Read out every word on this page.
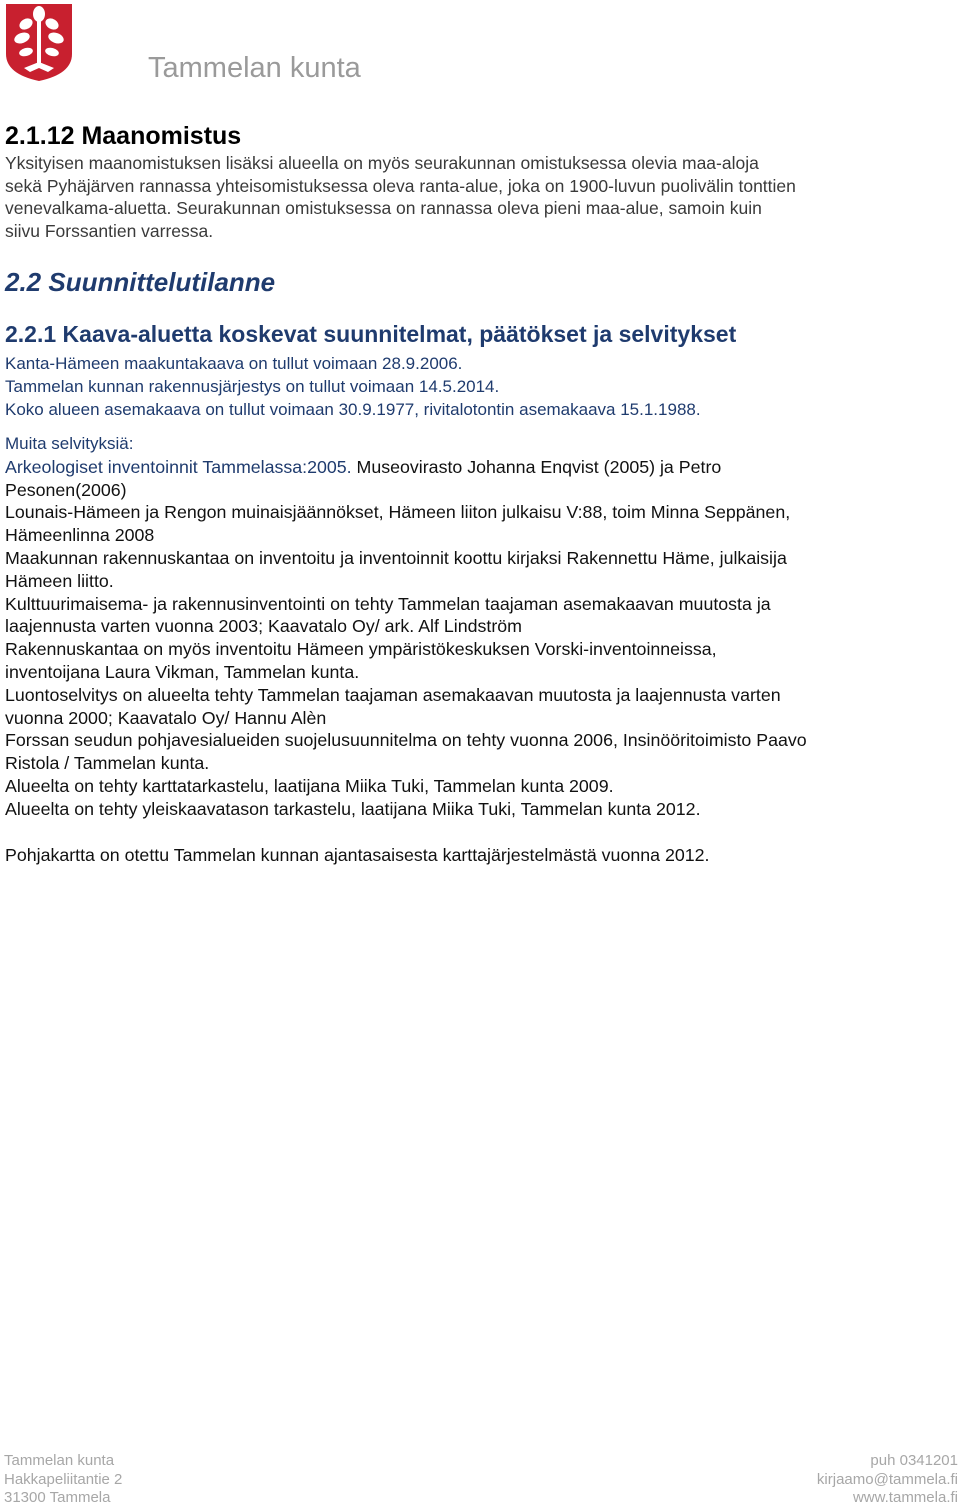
Tammelan kunta
2.1.12 Maanomistus

Yksityisen maanomistuksen lisäksi alueella on myös seurakunnan omistuksessa olevia maa-aloja
sekä Pyhäjärven rannassa yhteisomistuksessa oleva ranta-alue, joka on 1900-luvun puolivälin tonttien
venevalkama-aluetta. Seurakunnan omistuksessa on rannassa oleva pieni maa-alue, samoin kuin
siivu Forssantien varressa.

2.2 Suunnittelutilanne
2.2.1 Kaava-aluetta koskevat suunnitelmat, päätökset ja selvitykset

Kanta-Hämeen maakuntakaava on tullut voimaan 28.9.2006.
Tammelan kunnan rakennusjärjestys on tullut voimaan 14.5.2014.
Koko alueen asemakaava on tullut voimaan 30.9.1977, rivitalotontin asemakaava 15.1.1988.

Muita selvityksiä:

Arkeologiset inventoinnit Tammelassa:2005. Museovirasto Johanna Enqvist (2005) ja Petro
Pesonen(2006)
Lounais-Hämeen ja Rengon muinaisjäännökset, Hämeen liiton julkaisu V:88, toim Minna Seppänen,
Hämeenlinna 2008
Maakunnan rakennuskantaa on inventoitu ja inventoinnit koottu kirjaksi Rakennettu Häme, julkaisija
Hämeen liitto.
Kulttuurimaisema- ja rakennusinventointi on tehty Tammelan taajaman asemakaavan muutosta ja
laajennusta varten vuonna 2003; Kaavatalo Oy/ ark. Alf Lindström
Rakennuskantaa on myös inventoitu Hämeen ympäristökeskuksen Vorski-inventoinneissa,
inventoijana Laura Vikman, Tammelan kunta.
Luontoselvitys on alueelta tehty Tammelan taajaman asemakaavan muutosta ja laajennusta varten
vuonna 2000; Kaavatalo Oy/ Hannu Alèn
Forssan seudun pohjavesialueiden suojelusuunnitelma on tehty vuonna 2006, Insinööritoimisto Paavo
Ristola / Tammelan kunta.
Alueelta on tehty karttatarkastelu, laatijana Miika Tuki, Tammelan kunta 2009.
Alueelta on tehty yleiskaavatason tarkastelu, laatijana Miika Tuki, Tammelan kunta 2012.

Pohjakartta on otettu Tammelan kunnan ajantasaisesta karttajärjestelmästä vuonna 2012.

Tammelan kunta
Hakkapeliitantie 2
31300 Tammela
puh 0341201
kirjaamo@tammela.fi
www.tammela.fi
